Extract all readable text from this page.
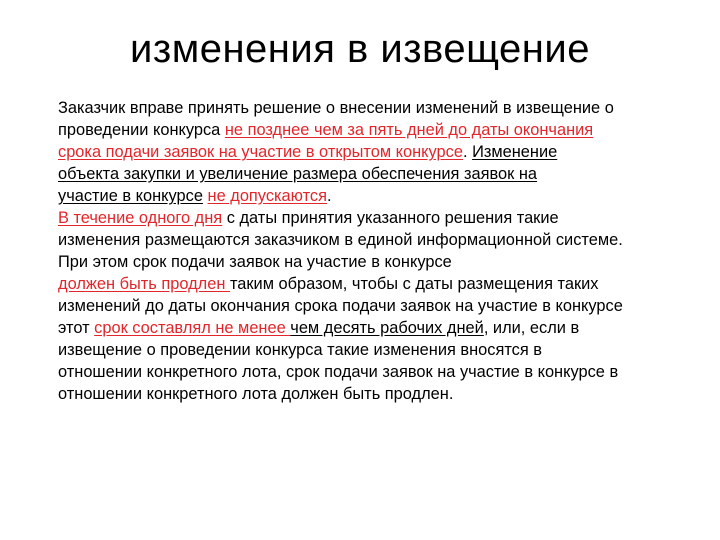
изменения в извещение
Заказчик вправе принять решение о внесении изменений в извещение о
проведении конкурса не позднее чем за пять дней до даты окончания
срока подачи заявок на участие в открытом конкурсе. Изменение
объекта закупки и увеличение размера обеспечения заявок на
участие в конкурсе не допускаются.
В течение одного дня с даты принятия указанного решения такие
изменения размещаются заказчиком в единой информационной системе.
При этом срок подачи заявок на участие в конкурсе
должен быть продлен таким образом, чтобы с даты размещения таких
изменений до даты окончания срока подачи заявок на участие в конкурсе
этот срок составлял не менее чем десять рабочих дней, или, если в
извещение о проведении конкурса такие изменения вносятся в
отношении конкретного лота, срок подачи заявок на участие в конкурсе в
отношении конкретного лота должен быть продлен.
